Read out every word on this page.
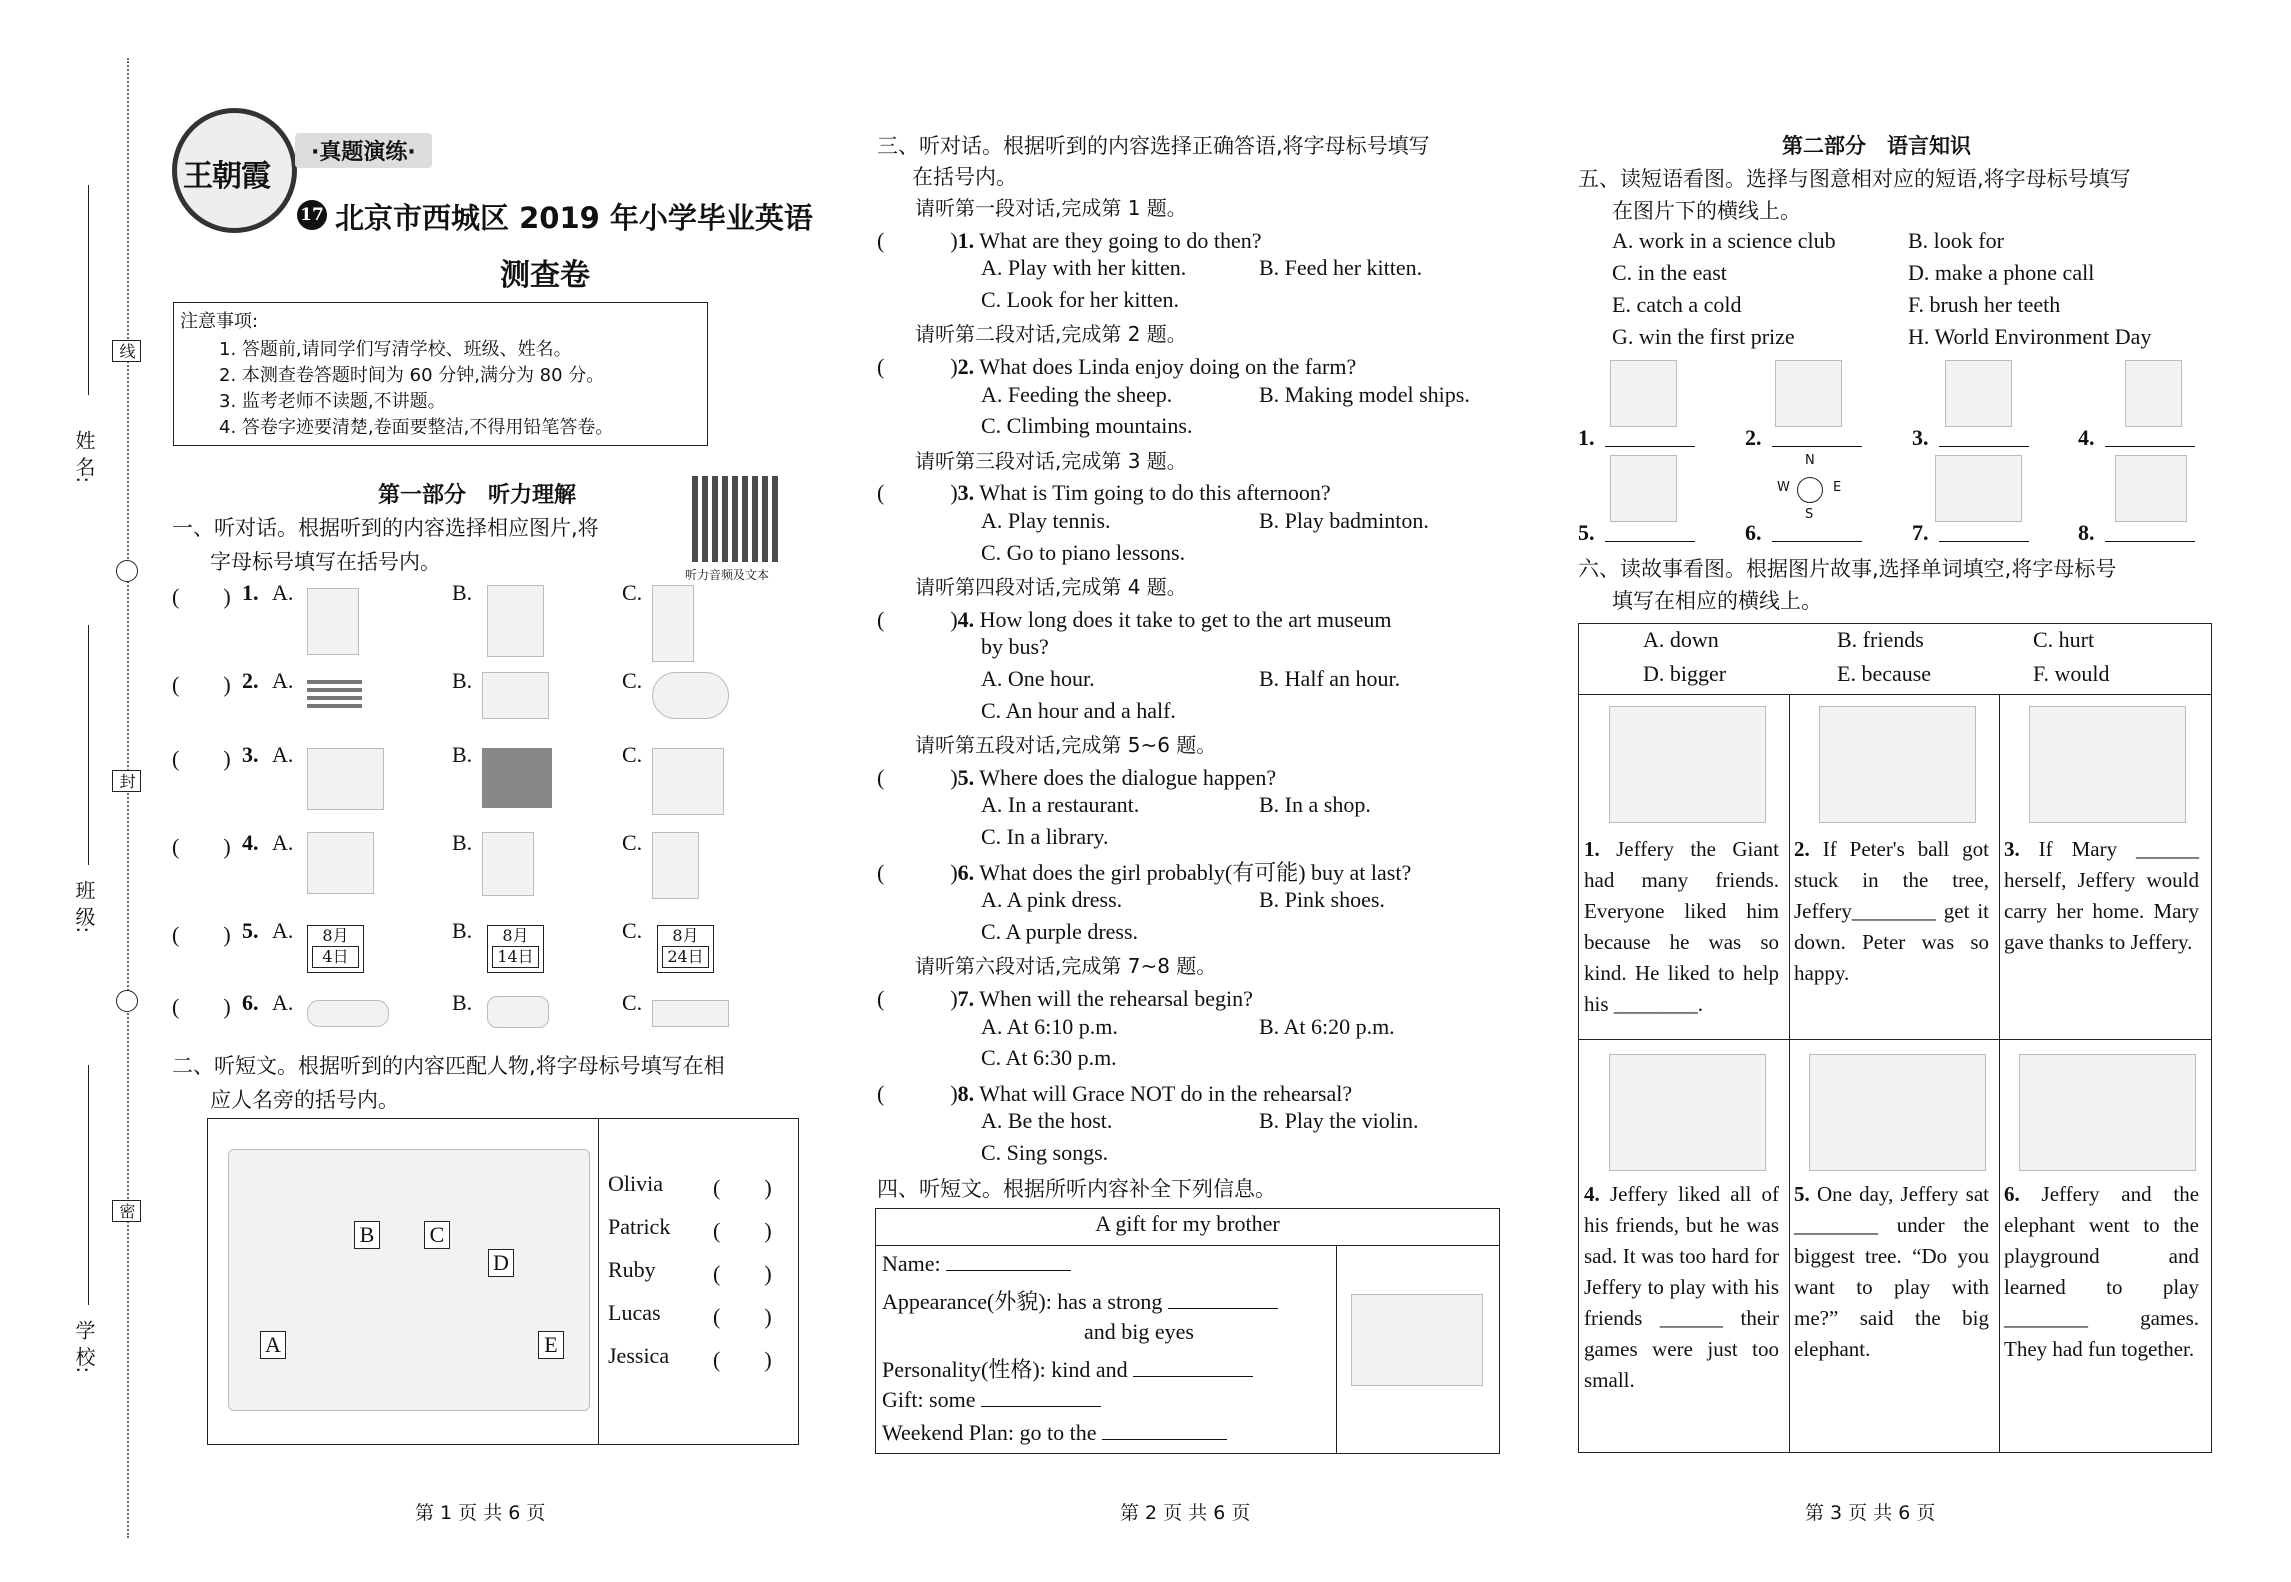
姓 名:
班 级:
学 校:
线
封
密
王朝霞
·真题演练·
17 北京市西城区 2019 年小学毕业英语
测查卷
注意事项:
1. 答题前,请同学们写清学校、班级、姓名。
2. 本测查卷答题时间为 60 分钟,满分为 80 分。
3. 监考老师不读题,不讲题。
4. 答卷字迹要清楚,卷面要整洁,不得用铅笔答卷。
第一部分　听力理解
听力音频及文本
一、听对话。根据听到的内容选择相应图片,将
字母标号填写在括号内。
(　　) 1. A.	B.	C.
(　　) 2. A.	B.	C.
(　　) 3. A.	B.	C.
(　　) 4. A.	B.	C.
(　　) 5. A.	8月
4日
B.	8月
14日
C.	8月
24日
(　　) 6. A.	B.	C.
二、听短文。根据听到的内容匹配人物,将字母标号填写在相
应人名旁的括号内。
A
B	C
D
E
Olivia (　　)
Patrick (　　)
Ruby	(　　)
Lucas (　　)
Jessica (　　)
第 1 页 共 6 页
三、听对话。根据听到的内容选择正确答语,将字母标号填写
在括号内。
请听第一段对话,完成第 1 题。
(　　　)1. What are they going to do then?
A. Play with her kitten.	B. Feed her kitten.
C. Look for her kitten.
请听第二段对话,完成第 2 题。
(　　　)2. What does Linda enjoy doing on the farm?
A. Feeding the sheep.	B. Making model ships.
C. Climbing mountains.
请听第三段对话,完成第 3 题。
(　　　)3. What is Tim going to do this afternoon?
A. Play tennis.	B. Play badminton.
C. Go to piano lessons.
请听第四段对话,完成第 4 题。
(　　　)4. How long does it take to get to the art museum
by bus?
A. One hour.	B. Half an hour.
C. An hour and a half.
请听第五段对话,完成第 5~6 题。
(　　　)5. Where does the dialogue happen?
A. In a restaurant.	B. In a shop.
C. In a library.
(　　　)6. What does the girl probably(有可能) buy at last?
A. A pink dress.	B. Pink shoes.
C. A purple dress.
请听第六段对话,完成第 7~8 题。
(　　　)7. When will the rehearsal begin?
A. At 6:10 p.m.	B. At 6:20 p.m.
C. At 6:30 p.m.
(　　　)8. What will Grace NOT do in the rehearsal?
A. Be the host.	B. Play the violin.
C. Sing songs.
四、听短文。根据所听内容补全下列信息。
A gift for my brother
Name:
Appearance(外貌): has a strong
and big eyes
Personality(性格): kind and
Gift: some
Weekend Plan: go to the
第 2 页 共 6 页
第二部分　语言知识
五、读短语看图。选择与图意相对应的短语,将字母标号填写
在图片下的横线上。
A. work in a science club	B. look for
C. in the east	D. make a phone call
E. catch a cold	F. brush her teeth
G. win the first prize	H. World Environment Day
1.	2.	3.	4.
N
S
W	E
5.	6.	7.	8.
六、读故事看图。根据图片故事,选择单词填空,将字母标号
填写在相应的横线上。
A. down	B. friends	C. hurt
D. bigger	E. because	F. would
1. Jeffery the Giant had many friends. Everyone liked him because he was so kind. He liked to help his ________.
2. If Peter's ball got stuck in the tree, Jeffery________ get it down. Peter was so happy.
3. If Mary ______ herself, Jeffery would carry her home. Mary gave thanks to Jeffery.
4. Jeffery liked all of his friends, but he was sad. It was too hard for Jeffery to play with his friends ______ their games were just too small.
5. One day, Jeffery sat ________ under the biggest tree. “Do you want to play with me?” said the big elephant.
6. Jeffery and the elephant went to the playground and learned to play ________ games. They had fun together.
第 3 页 共 6 页
